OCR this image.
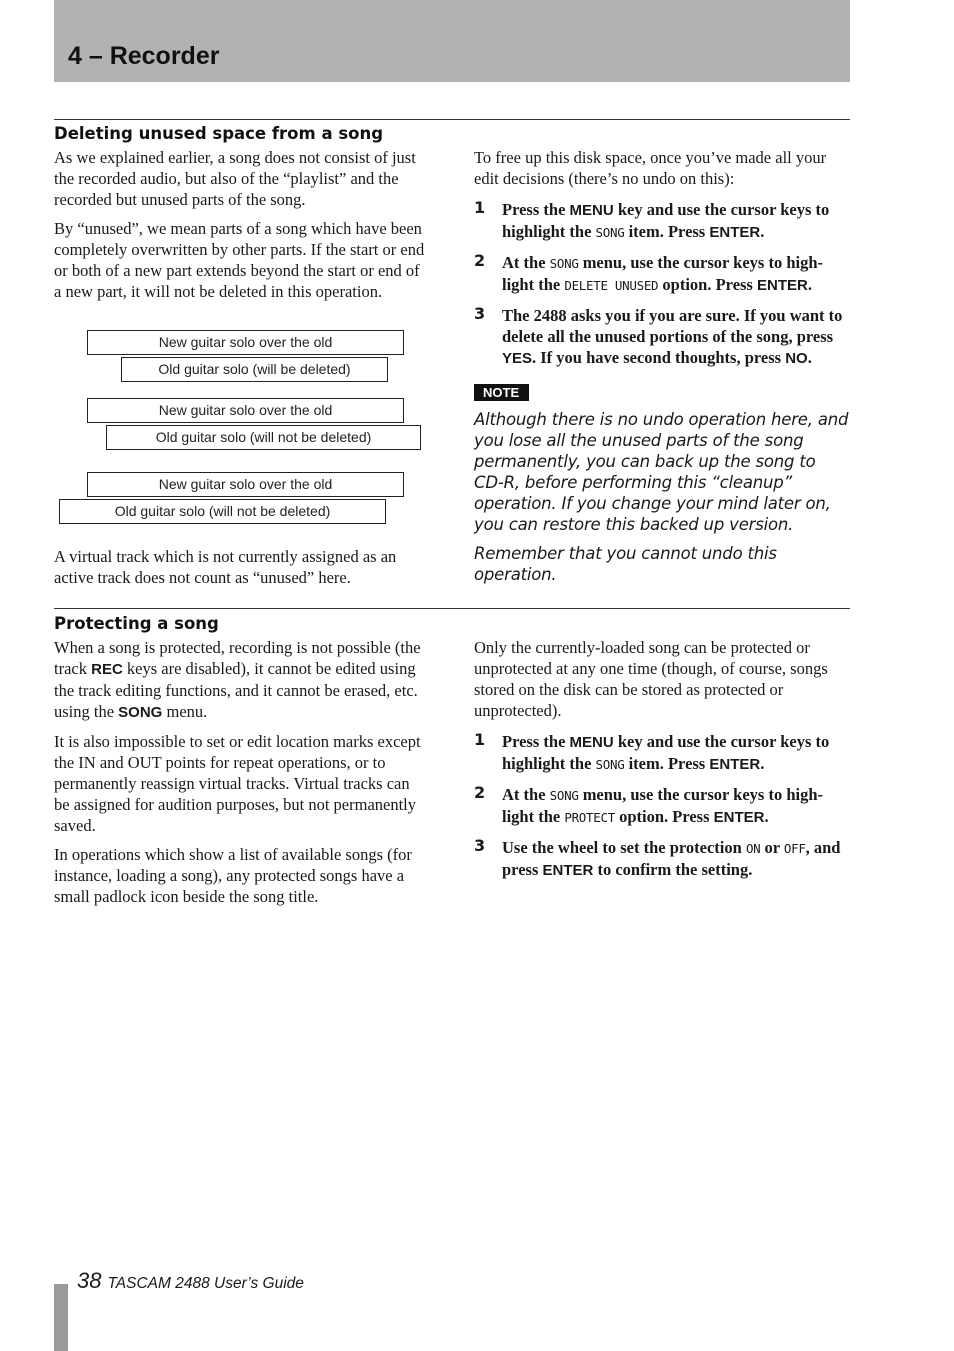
4 – Recorder
Deleting unused space from a song

As we explained earlier, a song does not consist of just the recorded audio, but also of the “playlist” and the recorded but unused parts of the song.

By “unused”, we mean parts of a song which have been completely overwritten by other parts. If the start or end or both of a new part extends beyond the start or end of a new part, it will not be deleted in this operation.

New guitar solo over the old
Old guitar solo (will be deleted)
New guitar solo over the old
Old guitar solo (will not be deleted)
New guitar solo over the old
Old guitar solo (will not be deleted)

A virtual track which is not currently assigned as an active track does not count as “unused” here.

To free up this disk space, once you’ve made all your edit decisions (there’s no undo on this):

1 Press the MENU key and use the cursor keys to highlight the SONG item. Press ENTER.
2 At the SONG menu, use the cursor keys to high-light the DELETE UNUSED option. Press ENTER.
3 The 2488 asks you if you are sure. If you want to delete all the unused portions of the song, press YES. If you have second thoughts, press NO.
NOTE

Although there is no undo operation here, and you lose all the unused parts of the song permanently, you can back up the song to CD-R, before performing this “cleanup” operation. If you change your mind later on, you can restore this backed up version.

Remember that you cannot undo this operation.

Protecting a song

When a song is protected, recording is not possible (the track REC keys are disabled), it cannot be edited using the track editing functions, and it cannot be erased, etc. using the SONG menu.

It is also impossible to set or edit location marks except the IN and OUT points for repeat operations, or to permanently reassign virtual tracks. Virtual tracks can be assigned for audition purposes, but not permanently saved.

In operations which show a list of available songs (for instance, loading a song), any protected songs have a small padlock icon beside the song title.

Only the currently-loaded song can be protected or unprotected at any one time (though, of course, songs stored on the disk can be stored as protected or unprotected).

1 Press the MENU key and use the cursor keys to highlight the SONG item. Press ENTER.
2 At the SONG menu, use the cursor keys to high-light the PROTECT option. Press ENTER.
3 Use the wheel to set the protection ON or OFF, and press ENTER to confirm the setting.
38 TASCAM 2488 User’s Guide
